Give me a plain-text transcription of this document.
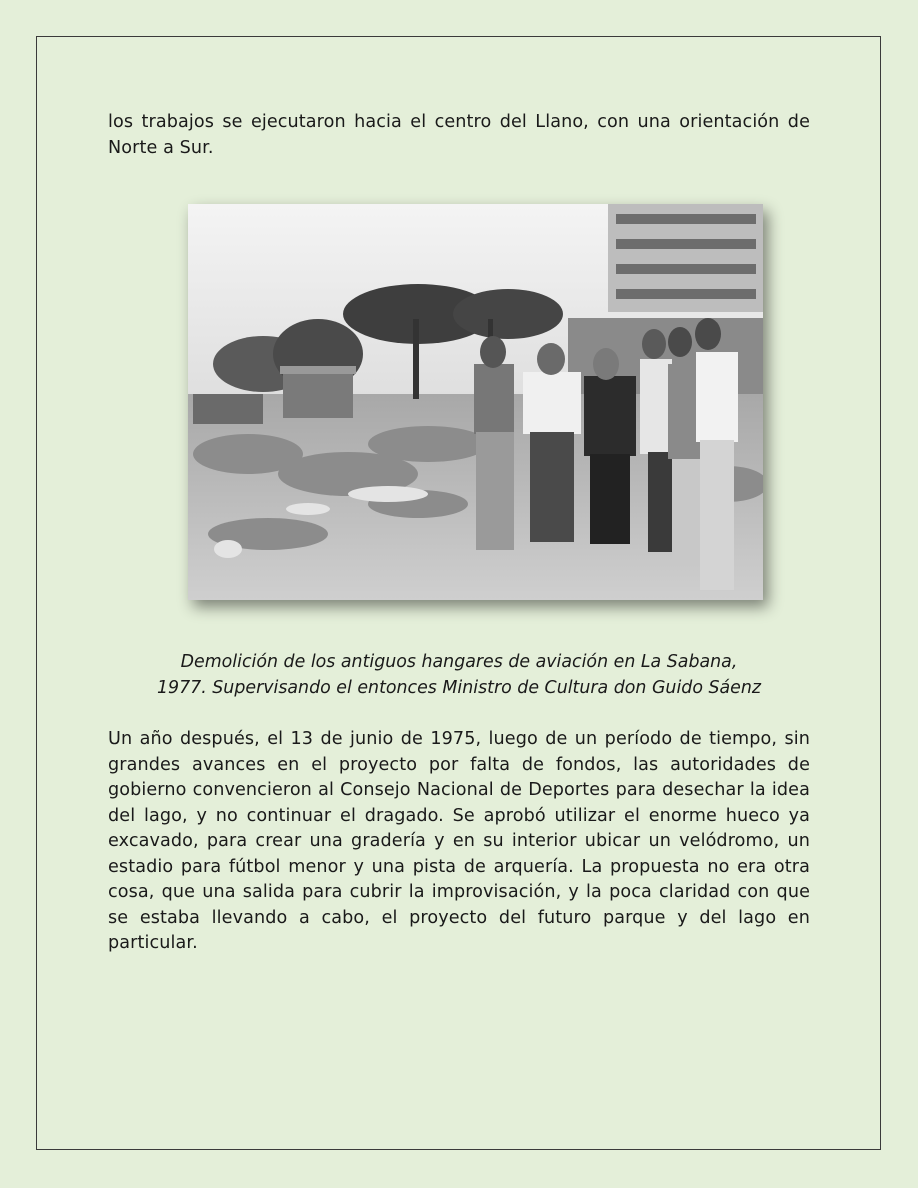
los trabajos se ejecutaron hacia el centro del Llano, con una orientación de Norte a Sur.

Demolición de los antiguos hangares de aviación en La Sabana,
1977. Supervisando el entonces Ministro de Cultura don Guido Sáenz

Un año después, el 13 de junio de 1975, luego de un período de tiempo, sin grandes avances en el proyecto por falta de fondos, las autoridades de gobierno convencieron al Consejo Nacional de Deportes para desechar la idea del lago, y no continuar el dragado. Se aprobó utilizar el enorme hueco ya excavado, para crear una gradería y en su interior ubicar un velódromo, un estadio para fútbol menor y una pista de arquería. La propuesta no era otra cosa, que una salida para cubrir la improvisación, y la poca claridad con que se estaba llevando a cabo, el proyecto del futuro parque y del lago en particular.
